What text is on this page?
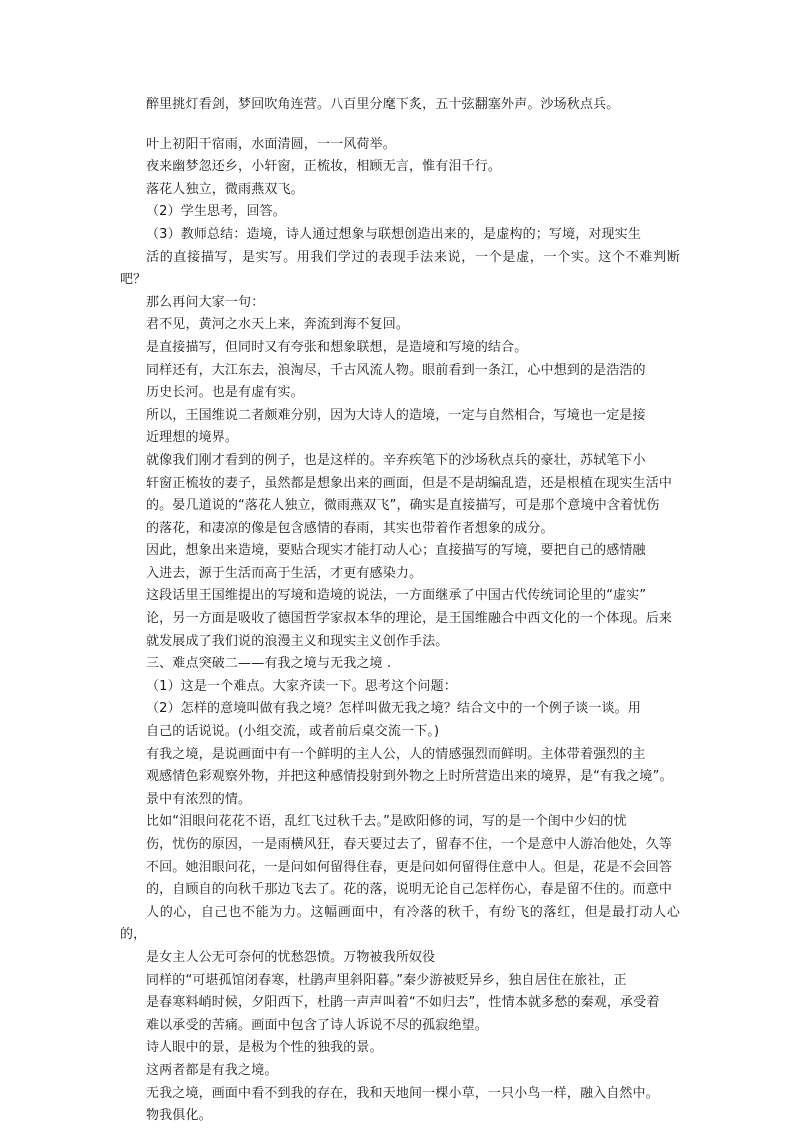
醉里挑灯看剑，梦回吹角连营。八百里分麾下炙，五十弦翻塞外声。沙场秋点兵。

叶上初阳干宿雨，水面清圆，一一风荷举。

夜来幽梦忽还乡，小轩窗，正梳妆，相顾无言，惟有泪千行。

落花人独立，微雨燕双飞。

（2）学生思考，回答。

（3）教师总结：造境，诗人通过想象与联想创造出来的，是虚构的；写境，对现实生
活的直接描写，是实写。用我们学过的表现手法来说，一个是虚，一个实。这个不难判断吧？
那么再问大家一句：

君不见，黄河之水天上来，奔流到海不复回。

是直接描写，但同时又有夸张和想象联想，是造境和写境的结合。

同样还有，大江东去，浪淘尽，千古风流人物。眼前看到一条江，心中想到的是浩浩的
历史长河。也是有虚有实。

所以，王国维说二者颇难分别，因为大诗人的造境，一定与自然相合，写境也一定是接
近理想的境界。

就像我们刚才看到的例子，也是这样的。辛弃疾笔下的沙场秋点兵的豪壮，苏轼笔下小
轩窗正梳妆的妻子，虽然都是想象出来的画面，但是不是胡编乱造，还是根植在现实生活中
的。晏几道说的“落花人独立，微雨燕双飞”，确实是直接描写，可是那个意境中含着忧伤
的落花，和凄凉的像是包含感情的春雨，其实也带着作者想象的成分。

因此，想象出来造境，要贴合现实才能打动人心；直接描写的写境，要把自己的感情融
入进去，源于生活而高于生活，才更有感染力。

这段话里王国维提出的写境和造境的说法，一方面继承了中国古代传统词论里的“虚实”
论，另一方面是吸收了德国哲学家叔本华的理论，是王国维融合中西文化的一个体现。后来
就发展成了我们说的浪漫主义和现实主义创作手法。

三、难点突破二——有我之境与无我之境 .

（1）这是一个难点。大家齐读一下。思考这个问题：

（2）怎样的意境叫做有我之境？怎样叫做无我之境？结合文中的一个例子谈一谈。用
自己的话说说。(小组交流，或者前后桌交流一下。)

有我之境，是说画面中有一个鲜明的主人公，人的情感强烈而鲜明。主体带着强烈的主
观感情色彩观察外物，并把这种感情投射到外物之上时所营造出来的境界，是“有我之境”。
景中有浓烈的情。

比如“泪眼问花花不语，乱红飞过秋千去。”是欧阳修的词，写的是一个闺中少妇的忧
伤，忧伤的原因，一是雨横风狂，春天要过去了，留春不住，一个是意中人游冶他处，久等
不回。她泪眼问花，一是问如何留得住春，更是问如何留得住意中人。但是，花是不会回答
的，自顾自的向秋千那边飞去了。花的落，说明无论自己怎样伤心，春是留不住的。而意中
人的心，自己也不能为力。这幅画面中，有冷落的秋千，有纷飞的落红，但是最打动人心的，
是女主人公无可奈何的忧愁怨愤。万物被我所奴役

同样的“可堪孤馆闭春寒，杜鹃声里斜阳暮。”秦少游被贬异乡，独自居住在旅社，正
是春寒料峭时候，夕阳西下，杜鹃一声声叫着“不如归去”，性情本就多愁的秦观，承受着
难以承受的苦痛。画面中包含了诗人诉说不尽的孤寂绝望。

诗人眼中的景，是极为个性的独我的景。

这两者都是有我之境。

无我之境，画面中看不到我的存在，我和天地间一棵小草，一只小鸟一样，融入自然中。
物我俱化。
